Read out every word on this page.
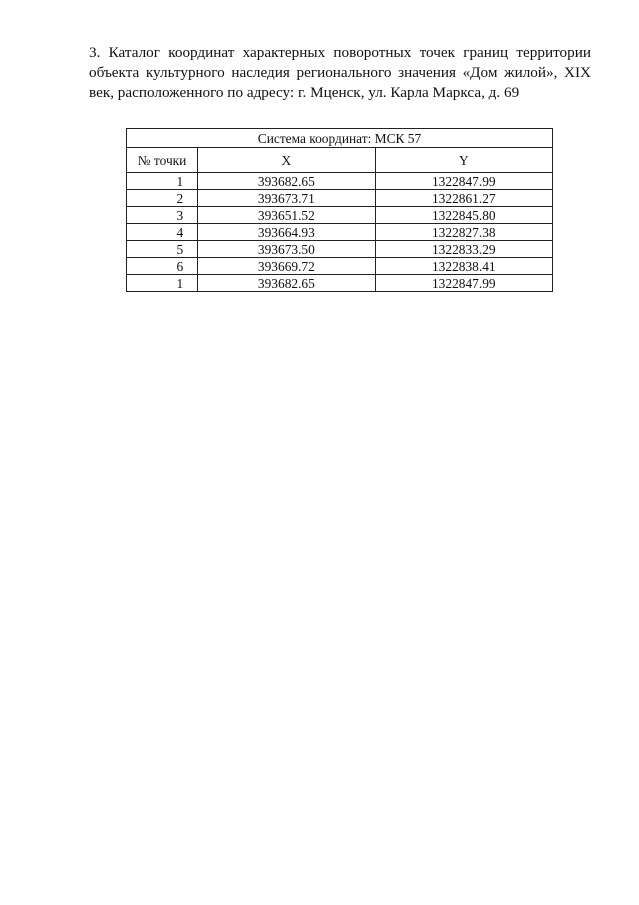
3. Каталог координат характерных поворотных точек границ территории объекта культурного наследия регионального значения «Дом жилой», XIX век, расположенного по адресу: г. Мценск, ул. Карла Маркса, д. 69

Система координат: МСК 57		
№ точки	X	Y
1	393682.65	1322847.99
2	393673.71	1322861.27
3	393651.52	1322845.80
4	393664.93	1322827.38
5	393673.50	1322833.29
6	393669.72	1322838.41
1	393682.65	1322847.99
